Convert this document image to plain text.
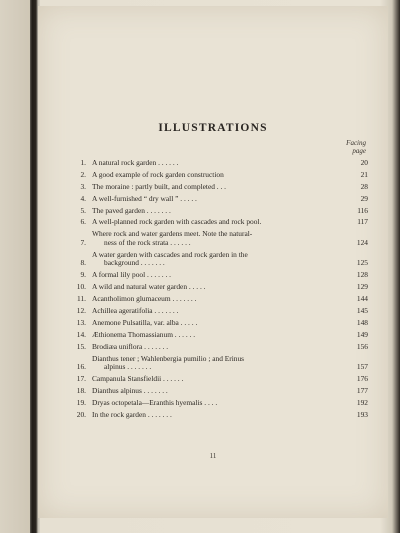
ILLUSTRATIONS
Facing
page
1. A natural rock garden . . . . . .	20
2. A good example of rock garden construction	21
3. The moraine : partly built, and completed . . .	28
4. A well-furnished “ dry wall ” . . . . .	29
5. The paved garden . . . . . . .	116
6. A well-planned rock garden with cascades and rock pool.	117
7.
Where rock and water gardens meet. Note the natural-
ness of the rock strata . . . . . .	124
8.
A water garden with cascades and rock garden in the
background . . . . . . .	125
9. A formal lily pool . . . . . . .	128
10. A wild and natural water garden . . . . .	129
11. Acantholimon glumaceum . . . . . . .	144
12. Achillea ageratifolia . . . . . . .	145
13. Anemone Pulsatilla, var. alba . . . . .	148
14. Æthionema Thomassianum . . . . . .	149
15. Brodiæa uniflora . . . . . . .	156
16.
Dianthus tener ; Wahlenbergia pumilio ; and Erinus
alpinus . . . . . . .	157
17. Campanula Stansfieldii . . . . . .	176
18. Dianthus alpinus . . . . . . .	177
19. Dryas octopetala—Eranthis hyemalis . . . .	192
20. In the rock garden . . . . . . .	193
11
